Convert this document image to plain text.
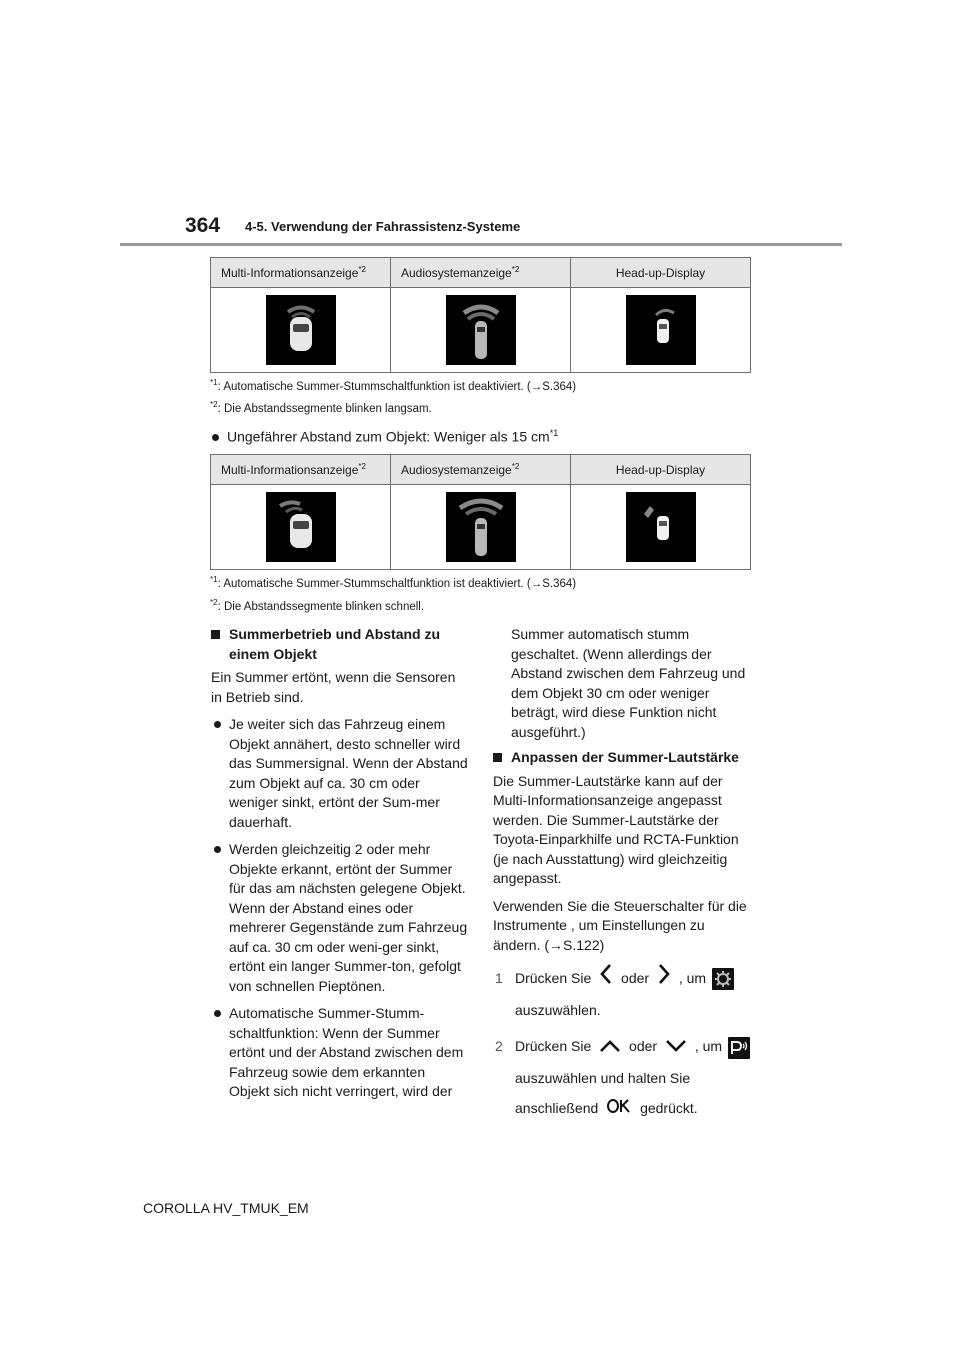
364 4-5. Verwendung der Fahrassistenz-Systeme
Multi-Informationsanzeige$^{*2}$	Audiosystemanzeige$^{*2}$	Head-up-Display

$^{*1}$: Automatische Summer-Stummschaltfunktion ist deaktiviert. (→S.364)
$^{*2}$: Die Abstandssegmente blinken langsam.
Ungefährer Abstand zum Objekt: Weniger als 15 $cm^{*1}$
Multi-Informationsanzeige$^{*2}$	Audiosystemanzeige$^{*2}$	Head-up-Display

$^{*1}$: Automatische Summer-Stummschaltfunktion ist deaktiviert. (→S.364)
$^{*2}$: Die Abstandssegmente blinken schnell.

Summerbetrieb und Abstand zu einem Objekt

Ein Summer ertönt, wenn die Sensoren in Betrieb sind.

Je weiter sich das Fahrzeug einem Objekt annähert, desto schneller wird das Summersignal. Wenn der Abstand zum Objekt auf ca. 30 cm oder weniger sinkt, ertönt der Sum-mer dauerhaft.
Werden gleichzeitig 2 oder mehr Objekte erkannt, ertönt der Summer für das am nächsten gelegene Objekt. Wenn der Abstand eines oder mehrerer Gegenstände zum Fahrzeug auf ca. 30 cm oder weni-ger sinkt, ertönt ein langer Summer-ton, gefolgt von schnellen Pieptönen.
Automatische Summer-Stumm-schaltfunktion: Wenn der Summer ertönt und der Abstand zwischen dem Fahrzeug sowie dem erkannten Objekt sich nicht verringert, wird der

Summer automatisch stumm geschaltet. (Wenn allerdings der Abstand zwischen dem Fahrzeug und dem Objekt 30 cm oder weniger beträgt, wird diese Funktion nicht ausgeführt.)

Anpassen der Summer-Lautstärke

Die Summer-Lautstärke kann auf der Multi-Informationsanzeige angepasst werden. Die Summer-Lautstärke der Toyota-Einparkhilfe und RCTA-Funktion (je nach Ausstattung) wird gleichzeitig angepasst.

Verwenden Sie die Steuerschalter für die Instrumente , um Einstellungen zu ändern. (→S.122)

1 Drücken Sie oder , um
auszuwählen.
2 Drücken Sie	oder	, um
auszuwählen und halten Sie
anschließend	gedrückt.
COROLLA HV_TMUK_EM
